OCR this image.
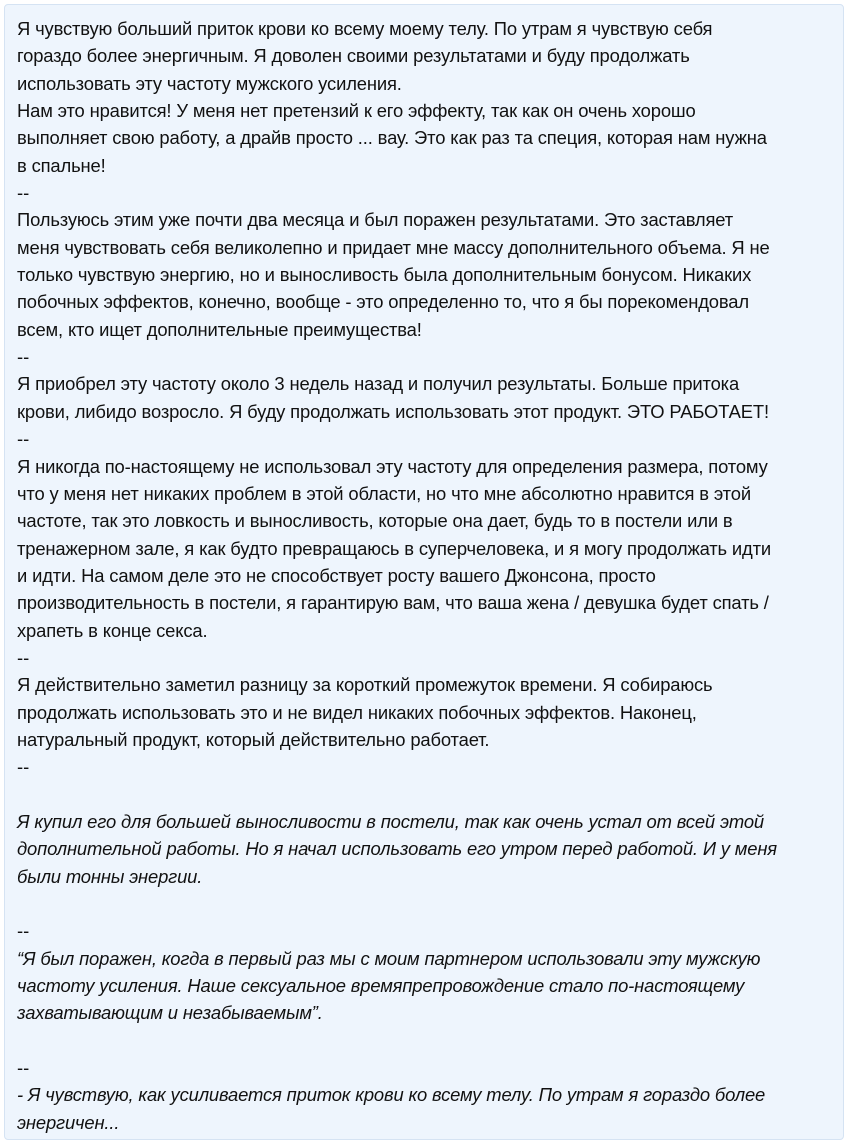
Я чувствую больший приток крови ко всему моему телу. По утрам я чувствую себя
гораздо более энергичным. Я доволен своими результатами и буду продолжать
использовать эту частоту мужского усиления.
Нам это нравится! У меня нет претензий к его эффекту, так как он очень хорошо
выполняет свою работу, а драйв просто ... вау. Это как раз та специя, которая нам нужна
в спальне!
--
Пользуюсь этим уже почти два месяца и был поражен результатами. Это заставляет
меня чувствовать себя великолепно и придает мне массу дополнительного объема. Я не
только чувствую энергию, но и выносливость была дополнительным бонусом. Никаких
побочных эффектов, конечно, вообще - это определенно то, что я бы порекомендовал
всем, кто ищет дополнительные преимущества!
--
Я приобрел эту частоту около 3 недель назад и получил результаты. Больше притока
крови, либидо возросло. Я буду продолжать использовать этот продукт. ЭТО РАБОТАЕТ!
--
Я никогда по-настоящему не использовал эту частоту для определения размера, потому
что у меня нет никаких проблем в этой области, но что мне абсолютно нравится в этой
частоте, так это ловкость и выносливость, которые она дает, будь то в постели или в
тренажерном зале, я как будто превращаюсь в суперчеловека, и я могу продолжать идти
и идти. На самом деле это не способствует росту вашего Джонсона, просто
производительность в постели, я гарантирую вам, что ваша жена / девушка будет спать /
храпеть в конце секса.
--
Я действительно заметил разницу за короткий промежуток времени. Я собираюсь
продолжать использовать это и не видел никаких побочных эффектов. Наконец,
натуральный продукт, который действительно работает.
--
Я купил его для большей выносливости в постели, так как очень устал от всей этой
дополнительной работы. Но я начал использовать его утром перед работой. И у меня
были тонны энергии.
--
“Я был поражен, когда в первый раз мы с моим партнером использовали эту мужскую
частоту усиления. Наше сексуальное времяпрепровождение стало по-настоящему
захватывающим и незабываемым”.
--
- Я чувствую, как усиливается приток крови ко всему телу. По утрам я гораздо более
энергичен...
